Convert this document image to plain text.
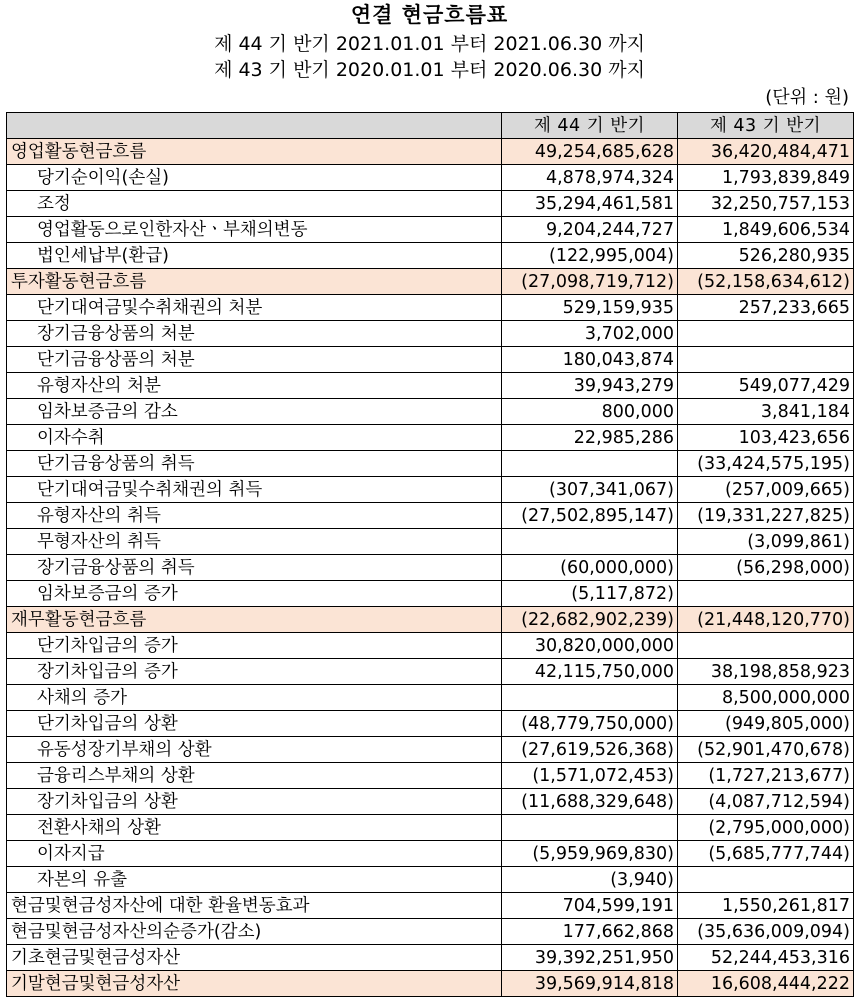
연결 현금흐름표
제 44 기 반기 2021.01.01 부터 2021.06.30 까지
제 43 기 반기 2020.01.01 부터 2020.06.30 까지
(단위 : 원)
	제 44 기 반기	제 43 기 반기
영업활동현금흐름	49,254,685,628	36,420,484,471
당기순이익(손실)	4,878,974,324	1,793,839,849
조정	35,294,461,581	32,250,757,153
영업활동으로인한자산ㆍ부채의변동	9,204,244,727	1,849,606,534
법인세납부(환급)	(122,995,004)	526,280,935
투자활동현금흐름	(27,098,719,712)	(52,158,634,612)
단기대여금및수취채권의 처분	529,159,935	257,233,665
장기금융상품의 처분	3,702,000	
단기금융상품의 처분	180,043,874	
유형자산의 처분	39,943,279	549,077,429
임차보증금의 감소	800,000	3,841,184
이자수취	22,985,286	103,423,656
단기금융상품의 취득		(33,424,575,195)
단기대여금및수취채권의 취득	(307,341,067)	(257,009,665)
유형자산의 취득	(27,502,895,147)	(19,331,227,825)
무형자산의 취득		(3,099,861)
장기금융상품의 취득	(60,000,000)	(56,298,000)
임차보증금의 증가	(5,117,872)	
재무활동현금흐름	(22,682,902,239)	(21,448,120,770)
단기차입금의 증가	30,820,000,000	
장기차입금의 증가	42,115,750,000	38,198,858,923
사채의 증가		8,500,000,000
단기차입금의 상환	(48,779,750,000)	(949,805,000)
유동성장기부채의 상환	(27,619,526,368)	(52,901,470,678)
금융리스부채의 상환	(1,571,072,453)	(1,727,213,677)
장기차입금의 상환	(11,688,329,648)	(4,087,712,594)
전환사채의 상환		(2,795,000,000)
이자지급	(5,959,969,830)	(5,685,777,744)
자본의 유출	(3,940)	
현금및현금성자산에 대한 환율변동효과	704,599,191	1,550,261,817
현금및현금성자산의순증가(감소)	177,662,868	(35,636,009,094)
기초현금및현금성자산	39,392,251,950	52,244,453,316
기말현금및현금성자산	39,569,914,818	16,608,444,222
